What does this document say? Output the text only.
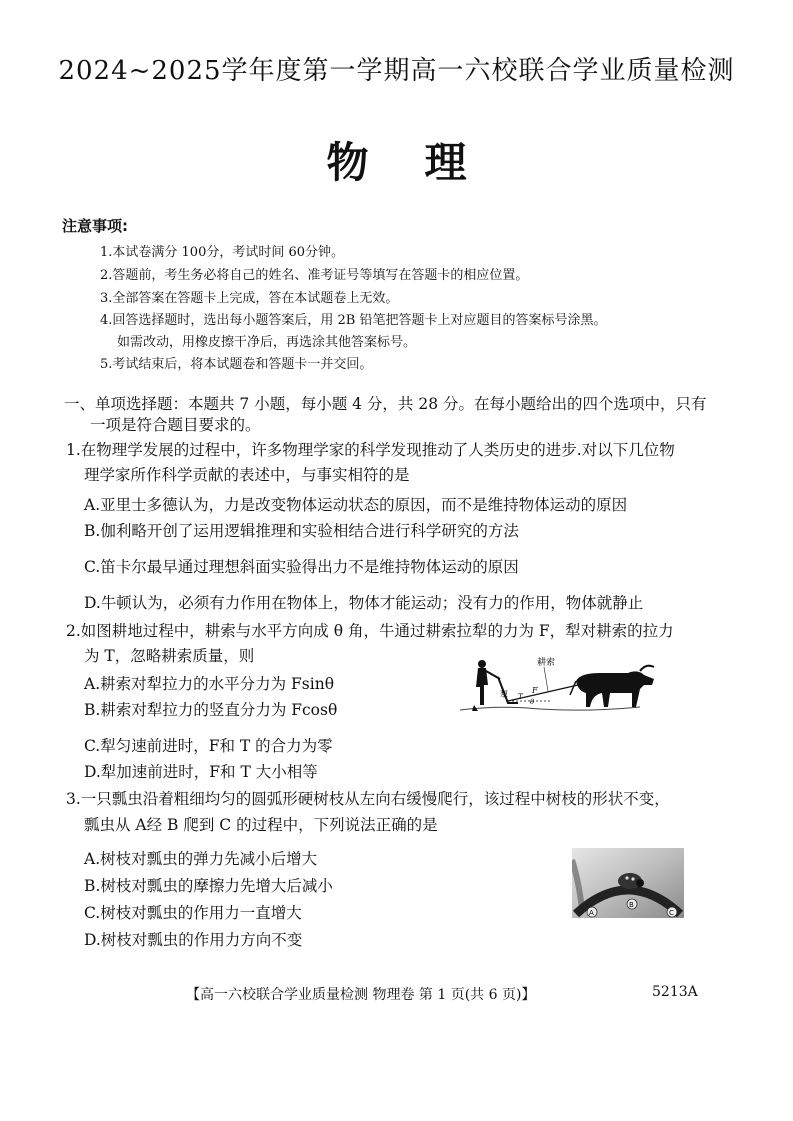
2024~2025学年度第一学期高一六校联合学业质量检测
物理
注意事项:
1.本试卷满分 100分，考试时间 60分钟。
2.答题前，考生务必将自己的姓名、准考证号等填写在答题卡的相应位置。
3.全部答案在答题卡上完成，答在本试题卷上无效。
4.回答选择题时，选出每小题答案后，用 2B 铅笔把答题卡上对应题目的答案标号涂黑。
如需改动，用橡皮擦干净后，再选涂其他答案标号。
5.考试结束后，将本试题卷和答题卡一并交回。
一、单项选择题：本题共 7 小题，每小题 4 分，共 28 分。在每小题给出的四个选项中，只有
一项是符合题目要求的。
1.在物理学发展的过程中，许多物理学家的科学发现推动了人类历史的进步.对以下几位物
理学家所作科学贡献的表述中，与事实相符的是
A.亚里士多德认为，力是改变物体运动状态的原因，而不是维持物体运动的原因
B.伽利略开创了运用逻辑推理和实验相结合进行科学研究的方法
C.笛卡尔最早通过理想斜面实验得出力不是维持物体运动的原因
D.牛顿认为，必须有力作用在物体上，物体才能运动；没有力的作用，物体就静止
2.如图耕地过程中，耕索与水平方向成 θ 角，牛通过耕索拉犁的力为 F，犁对耕索的拉力
为 T，忽略耕索质量，则
A.耕索对犁拉力的水平分力为 Fsinθ
B.耕索对犁拉力的竖直分力为 Fcosθ
C.犁匀速前进时，F和 T 的合力为零
D.犁加速前进时，F和 T 大小相等
耕索
犁	F
T
θ
3.一只瓢虫沿着粗细均匀的圆弧形硬树枝从左向右缓慢爬行，该过程中树枝的形状不变，
瓢虫从 A经 B 爬到 C 的过程中，下列说法正确的是
A.树枝对瓢虫的弹力先减小后增大
B.树枝对瓢虫的摩擦力先增大后减小
C.树枝对瓢虫的作用力一直增大
D.树枝对瓢虫的作用力方向不变
A
B
C
【高一六校联合学业质量检测 物理卷 第 1 页(共 6 页)】	5213A
